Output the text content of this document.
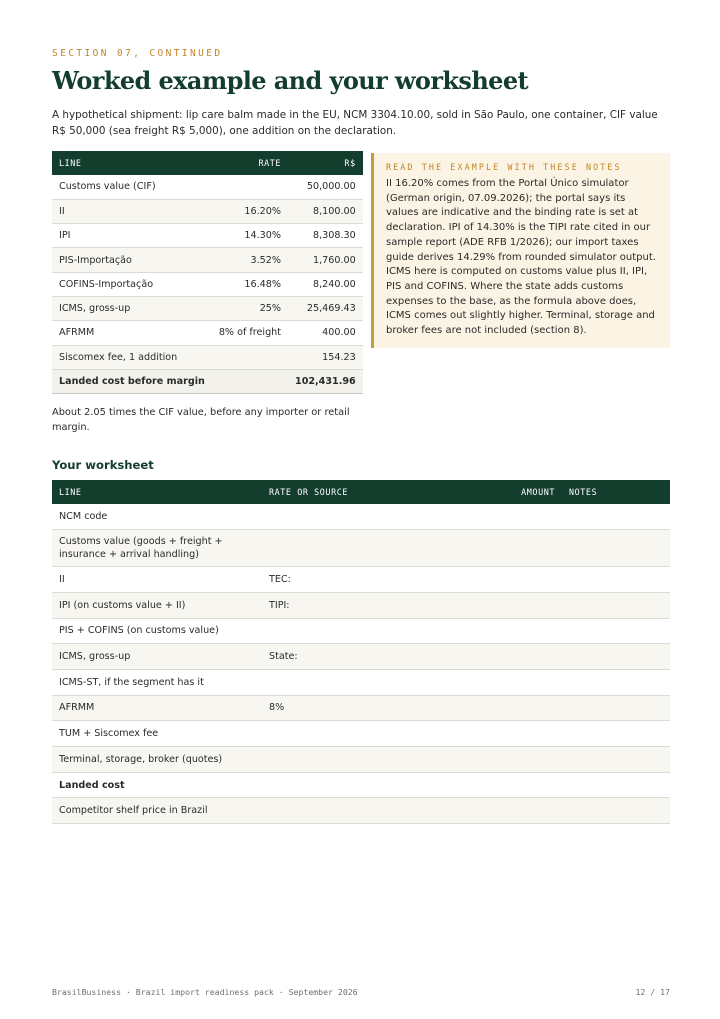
SECTION 07, CONTINUED
Worked example and your worksheet

A hypothetical shipment: lip care balm made in the EU, NCM 3304.10.00, sold in São Paulo, one container, CIF value R$ 50,000 (sea freight R$ 5,000), one addition on the declaration.

LINE	RATE	R$
Customs value (CIF)		50,000.00
II	16.20%	8,100.00
IPI	14.30%	8,308.30
PIS-Importação	3.52%	1,760.00
COFINS-Importação	16.48%	8,240.00
ICMS, gross-up	25%	25,469.43
AFRMM	8% of freight	400.00
Siscomex fee, 1 addition		154.23
Landed cost before margin		102,431.96

About 2.05 times the CIF value, before any importer or retail margin.

READ THE EXAMPLE WITH THESE NOTES

II 16.20% comes from the Portal Único simulator (German origin, 07.09.2026); the portal says its values are indicative and the binding rate is set at declaration. IPI of 14.30% is the TIPI rate cited in our sample report (ADE RFB 1/2026); our import taxes guide derives 14.29% from rounded simulator output. ICMS here is computed on customs value plus II, IPI, PIS and COFINS. Where the state adds customs expenses to the base, as the formula above does, ICMS comes out slightly higher. Terminal, storage and broker fees are not included (section 8).

Your worksheet
LINE	RATE OR SOURCE	AMOUNT	NOTES
NCM code			
Customs value (goods + freight + insurance + arrival handling)			
II	TEC:		
IPI (on customs value + II)	TIPI:		
PIS + COFINS (on customs value)			
ICMS, gross-up	State:		
ICMS-ST, if the segment has it			
AFRMM	8%		
TUM + Siscomex fee			
Terminal, storage, broker (quotes)			
Landed cost			
Competitor shelf price in Brazil			
BrasilBusiness · Brazil import readiness pack · September 2026	12 / 17
